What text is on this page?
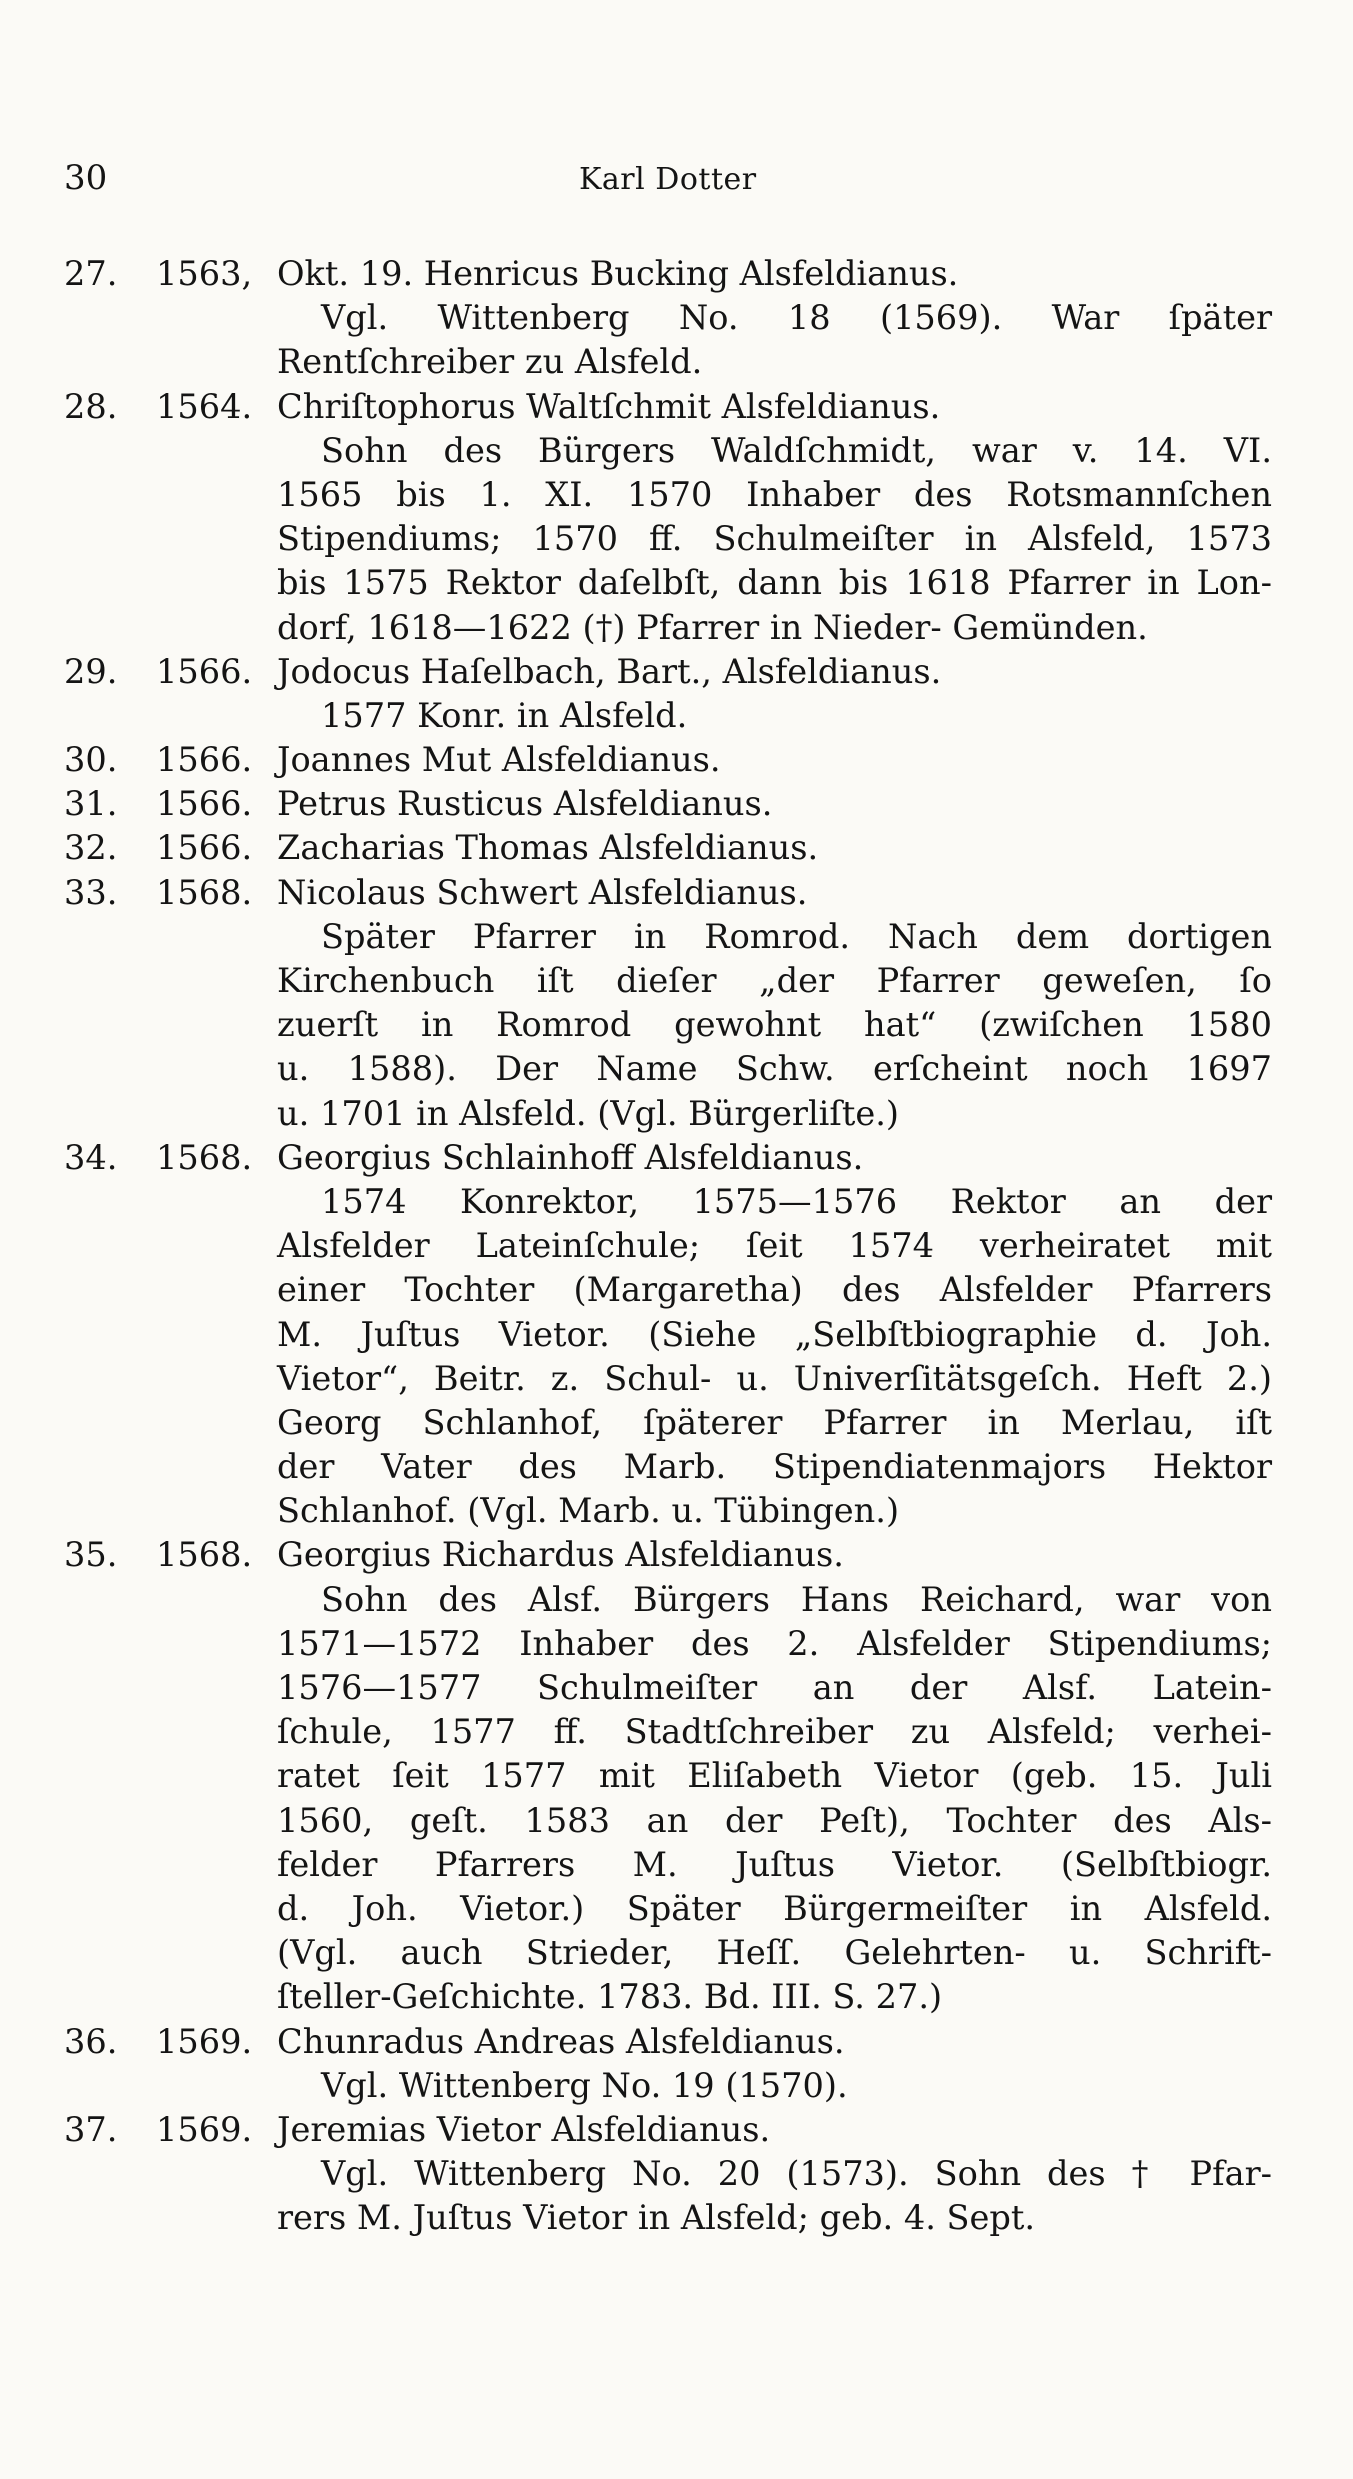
30	Karl Dotter
27. 1563, Okt. 19. Henricus Bucking Alsfeldianus.
Vgl. Wittenberg No. 18 (1569). War ſpäter
Rentſchreiber zu Alsfeld.
28. 1564. Chriſtophorus Waltſchmit Alsfeldianus.
Sohn des Bürgers Waldſchmidt, war v. 14. VI.
1565 bis 1. XI. 1570 Inhaber des Rotsmannſchen
Stipendiums; 1570 ff. Schulmeiſter in Alsfeld, 1573
bis 1575 Rektor daſelbſt, dann bis 1618 Pfarrer in Lon-
dorf, 1618—1622 (†) Pfarrer in Nieder- Gemünden.
29. 1566. Jodocus Haſelbach, Bart., Alsfeldianus.
1577 Konr. in Alsfeld.
30. 1566. Joannes Mut Alsfeldianus.
31. 1566. Petrus Rusticus Alsfeldianus.
32. 1566. Zacharias Thomas Alsfeldianus.
33. 1568. Nicolaus Schwert Alsfeldianus.
Später Pfarrer in Romrod. Nach dem dortigen
Kirchenbuch iſt dieſer „der Pfarrer geweſen, ſo
zuerſt in Romrod gewohnt hat“ (zwiſchen 1580
u. 1588). Der Name Schw. erſcheint noch 1697
u. 1701 in Alsfeld. (Vgl. Bürgerliſte.)
34. 1568. Georgius Schlainhoff Alsfeldianus.
1574 Konrektor, 1575—1576 Rektor an der
Alsfelder Lateinſchule; ſeit 1574 verheiratet mit
einer Tochter (Margaretha) des Alsfelder Pfarrers
M. Juſtus Vietor. (Siehe „Selbſtbiographie d. Joh.
Vietor“, Beitr. z. Schul- u. Univerſitätsgeſch. Heft 2.)
Georg Schlanhof, ſpäterer Pfarrer in Merlau, iſt
der Vater des Marb. Stipendiatenmajors Hektor
Schlanhof. (Vgl. Marb. u. Tübingen.)
35. 1568. Georgius Richardus Alsfeldianus.
Sohn des Alsf. Bürgers Hans Reichard, war von
1571—1572 Inhaber des 2. Alsfelder Stipendiums;
1576—1577 Schulmeiſter an der Alsf. Latein-
ſchule, 1577 ff. Stadtſchreiber zu Alsfeld; verhei-
ratet ſeit 1577 mit Eliſabeth Vietor (geb. 15. Juli
1560, geſt. 1583 an der Peſt), Tochter des Als-
felder Pfarrers M. Juſtus Vietor. (Selbſtbiogr.
d. Joh. Vietor.) Später Bürgermeiſter in Alsfeld.
(Vgl. auch Strieder, Heſſ. Gelehrten- u. Schrift-
ſteller-Geſchichte. 1783. Bd. III. S. 27.)
36. 1569. Chunradus Andreas Alsfeldianus.
Vgl. Wittenberg No. 19 (1570).
37. 1569. Jeremias Vietor Alsfeldianus.
Vgl. Wittenberg No. 20 (1573). Sohn des † Pfar-
rers M. Juſtus Vietor in Alsfeld; geb. 4. Sept.
